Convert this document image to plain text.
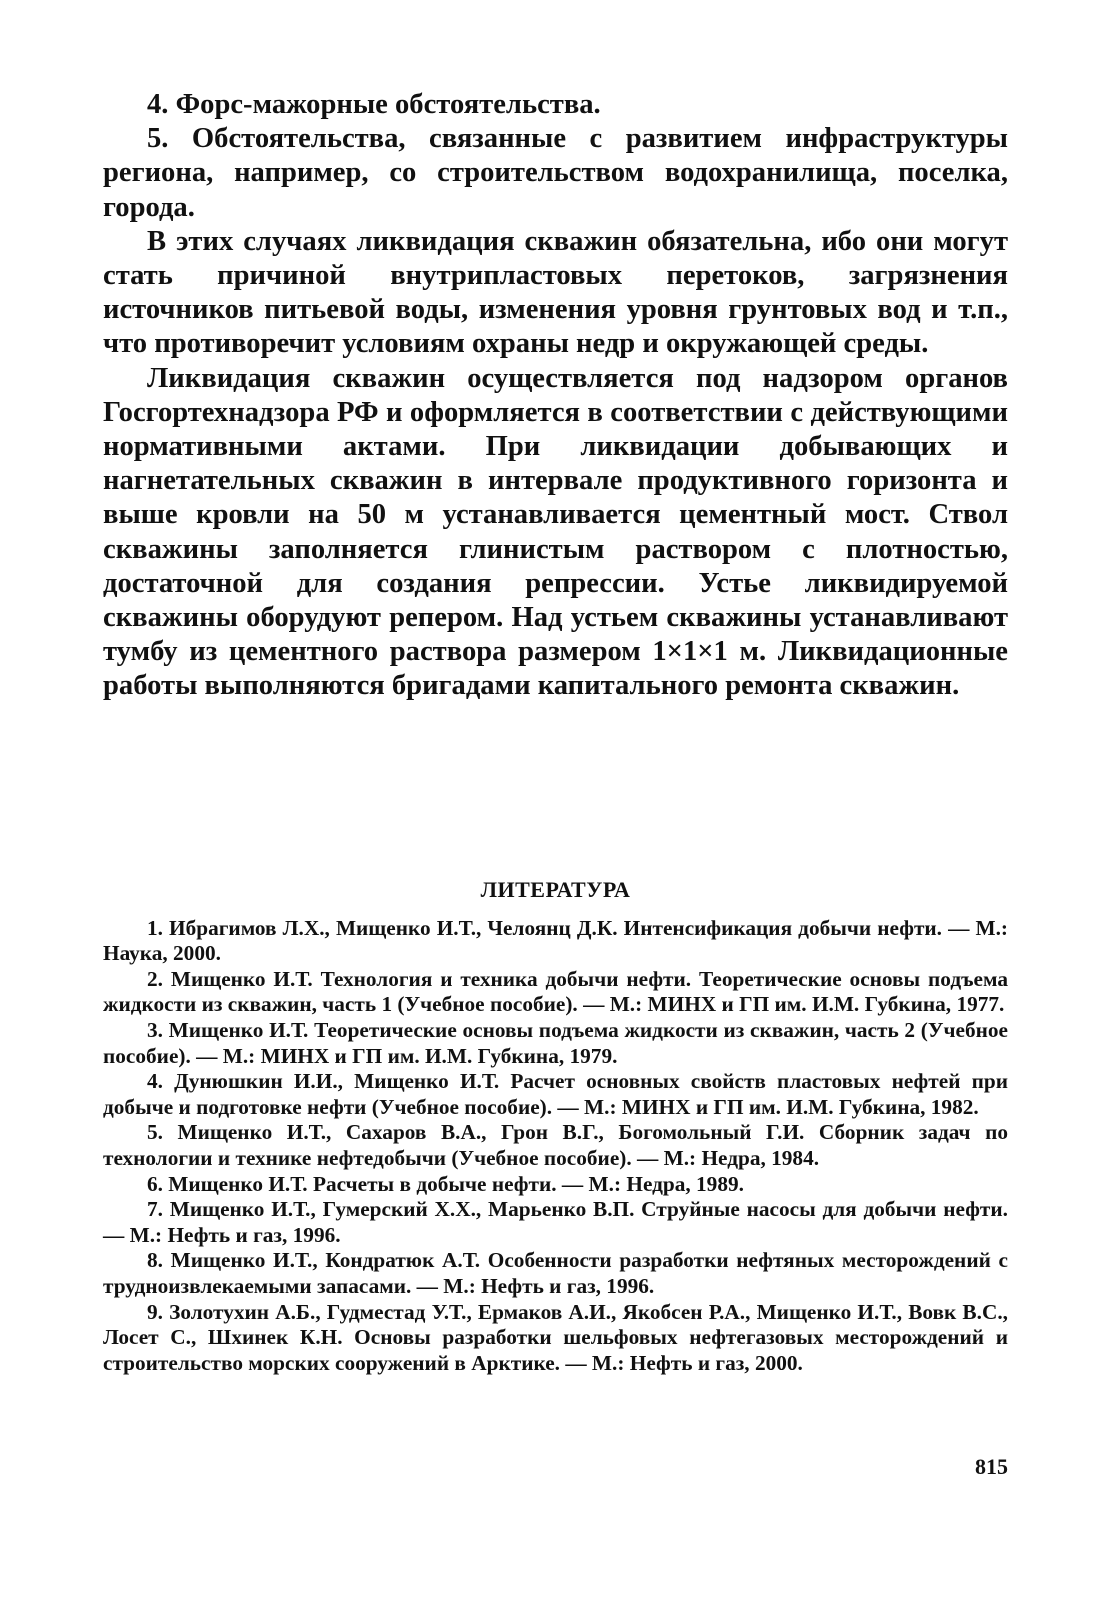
4. Форс-мажорные обстоятельства.

5. Обстоятельства, связанные с развитием инфраструктуры региона, например, со строительством водохранилища, поселка, города.

В этих случаях ликвидация скважин обязательна, ибо они могут стать причиной внутрипластовых перетоков, загрязнения источников питьевой воды, изменения уровня грунтовых вод и т.п., что противоречит условиям охраны недр и окружающей среды.

Ликвидация скважин осуществляется под надзором органов Госгортехнадзора РФ и оформляется в соответствии с действующими нормативными актами. При ликвидации добывающих и нагнетательных скважин в интервале продуктивного горизонта и выше кровли на 50 м устанавливается цементный мост. Ствол скважины заполняется глинистым раствором с плотностью, достаточной для создания репрессии. Устье ликвидируемой скважины оборудуют репером. Над устьем скважины устанавливают тумбу из цементного раствора размером 1×1×1 м. Ликвидационные работы выполняются бригадами капитального ремонта скважин.

ЛИТЕРАТУРА

1. Ибрагимов Л.Х., Мищенко И.Т., Челоянц Д.К. Интенсификация добычи нефти. — М.: Наука, 2000.

2. Мищенко И.Т. Технология и техника добычи нефти. Теоретические основы подъема жидкости из скважин, часть 1 (Учебное пособие). — М.: МИНХ и ГП им. И.М. Губкина, 1977.

3. Мищенко И.Т. Теоретические основы подъема жидкости из скважин, часть 2 (Учебное пособие). — М.: МИНХ и ГП им. И.М. Губкина, 1979.

4. Дунюшкин И.И., Мищенко И.Т. Расчет основных свойств пластовых нефтей при добыче и подготовке нефти (Учебное пособие). — М.: МИНХ и ГП им. И.М. Губкина, 1982.

5. Мищенко И.Т., Сахаров В.А., Грон В.Г., Богомольный Г.И. Сборник задач по технологии и технике нефтедобычи (Учебное пособие). — М.: Недра, 1984.

6. Мищенко И.Т. Расчеты в добыче нефти. — М.: Недра, 1989.

7. Мищенко И.Т., Гумерский Х.Х., Марьенко В.П. Струйные насосы для добычи нефти. — М.: Нефть и газ, 1996.

8. Мищенко И.Т., Кондратюк А.Т. Особенности разработки нефтяных месторождений с трудноизвлекаемыми запасами. — М.: Нефть и газ, 1996.

9. Золотухин А.Б., Гудместад У.Т., Ермаков А.И., Якобсен Р.А., Мищенко И.Т., Вовк В.С., Лосет С., Шхинек К.Н. Основы разработки шельфовых нефтегазовых месторождений и строительство морских сооружений в Арктике. — М.: Нефть и газ, 2000.

815
